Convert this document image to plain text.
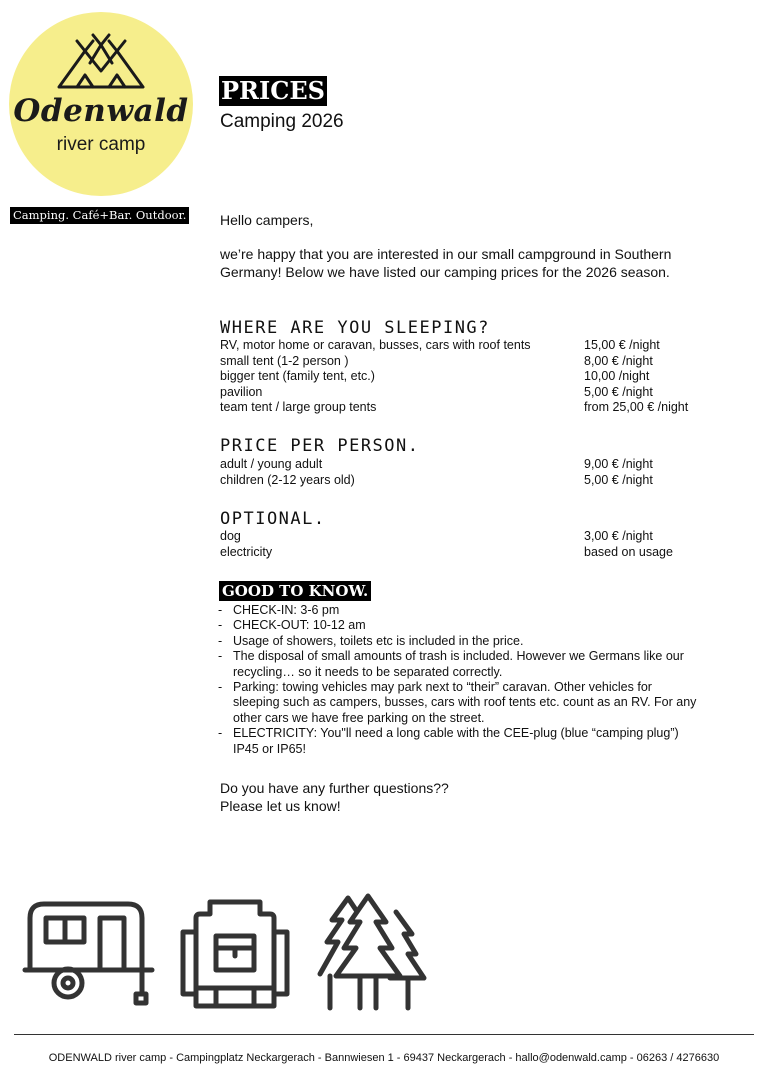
Odenwald
river camp
Camping. Café+Bar. Outdoor.
PRICES
Camping 2026
Hello campers,
we’re happy that you are interested in our small campground in Southern Germany! Below we have listed our camping prices for the 2026 season.
WHERE ARE YOU SLEEPING?
RV, motor home or caravan, busses, cars with roof tents	15,00 € /night
small tent (1-2 person )	8,00 € /night
bigger tent (family tent, etc.)	10,00 /night
pavilion	5,00 € /night
team tent / large group tents	from 25,00 € /night
PRICE PER PERSON.
adult / young adult	9,00 € /night
children (2-12 years old)	5,00 € /night
OPTIONAL.
dog	3,00 € /night
electricity	based on usage
GOOD TO KNOW.
- CHECK-IN: 3-6 pm
- CHECK-OUT: 10-12 am
- Usage of showers, toilets etc is included in the price.
- The disposal of small amounts of trash is included. However we Germans like our recycling… so it needs to be separated correctly.
- Parking: towing vehicles may park next to “their” caravan. Other vehicles for sleeping such as campers, busses, cars with roof tents etc. count as an RV. For any other cars we have free parking on the street.
- ELECTRICITY: You"ll need a long cable with the CEE-plug (blue “camping plug”) IP45 or IP65!
Do you have any further questions??
Please let us know!
ODENWALD river camp - Campingplatz Neckargerach - Bannwiesen 1 - 69437 Neckargerach - hallo@odenwald.camp - 06263 / 4276630
